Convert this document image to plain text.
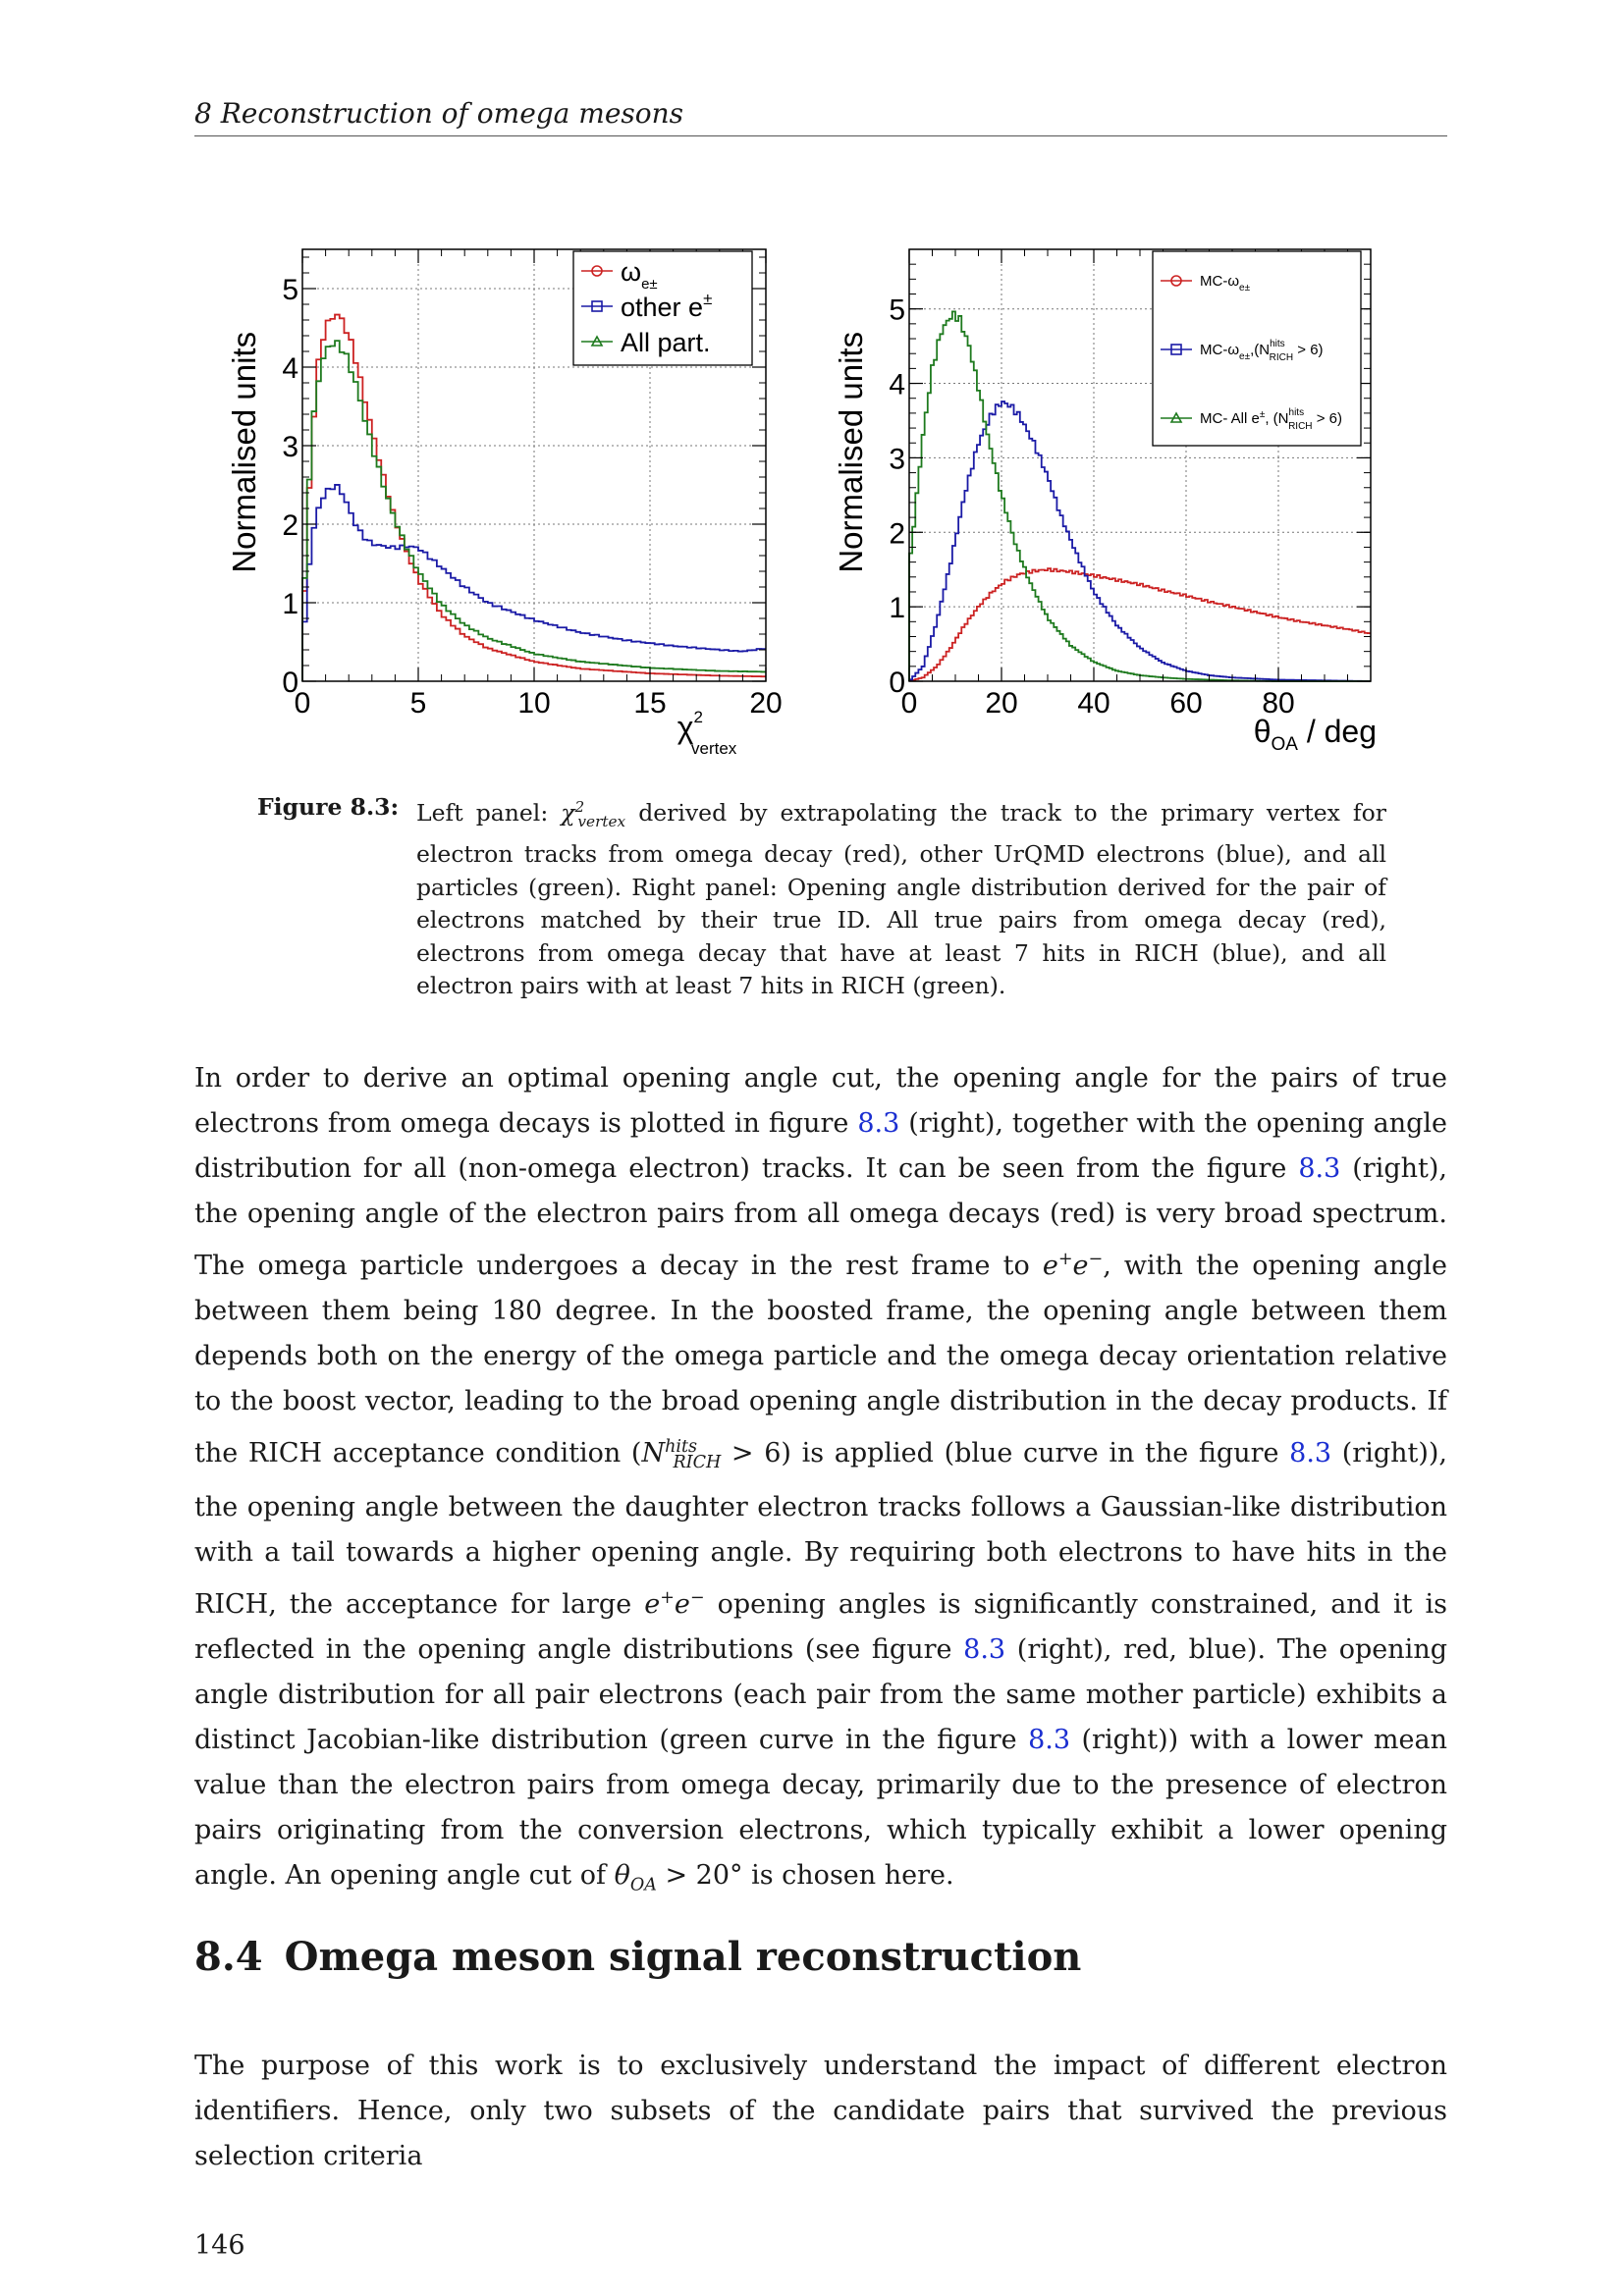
8 Reconstruction of omega mesons
0	5	10	15	20
0
1
2
3
4
5
Normalised units
$\chi^2$ vertex
$\omega_{e\pm}$
other e±
All part.
0 20 40 60 80
0
1
2
3
4
5
Normalised units
$\theta_{OA}$ / deg
$MC-\omega_{e\pm}$
$MC-\omega_{e\pm},(N^{hits}$ RICH > 6)
MC- All e±, ($N^{hits}$ RICH > 6)
Figure 8.3: Left panel: $\chi^2_{vertex}$ derived by extrapolating the track to the primary vertex for electron tracks from omega decay (red), other UrQMD electrons (blue), and all particles (green). Right panel: Opening angle distribution derived for the pair of electrons matched by their true ID. All true pairs from omega decay (red), electrons from omega decay that have at least 7 hits in RICH (blue), and all electron pairs with at least 7 hits in RICH (green).
In order to derive an optimal opening angle cut, the opening angle for the pairs of true electrons from omega decays is plotted in figure 8.3 (right), together with the opening angle distribution for all (non-omega electron) tracks. It can be seen from the figure 8.3 (right), the opening angle of the electron pairs from all omega decays (red) is very broad spectrum. The omega particle undergoes a decay in the rest frame to e+e−, with the opening angle between them being 180 degree. In the boosted frame, the opening angle between them depends both on the energy of the omega particle and the omega decay orientation relative to the boost vector, leading to the broad opening angle distribution in the decay products. If the RICH acceptance condition $(N^{hits}_{RICH} > 6)$ is applied (blue curve in the figure 8.3 (right)), the opening angle between the daughter electron tracks follows a Gaussian-like distribution with a tail towards a higher opening angle. By requiring both electrons to have hits in the RICH, the acceptance for large e+e− opening angles is significantly constrained, and it is reflected in the opening angle distributions (see figure 8.3 (right), red, blue). The opening angle distribution for all pair electrons (each pair from the same mother particle) exhibits a distinct Jacobian-like distribution (green curve in the figure 8.3 (right)) with a lower mean value than the electron pairs from omega decay, primarily due to the presence of electron pairs originating from the conversion electrons, which typically exhibit a lower opening angle. An opening angle cut of $\theta_{OA} > 20^\circ$ is chosen here.
8.4 Omega meson signal reconstruction
The purpose of this work is to exclusively understand the impact of different electron identifiers. Hence, only two subsets of the candidate pairs that survived the previous selection criteria
146
